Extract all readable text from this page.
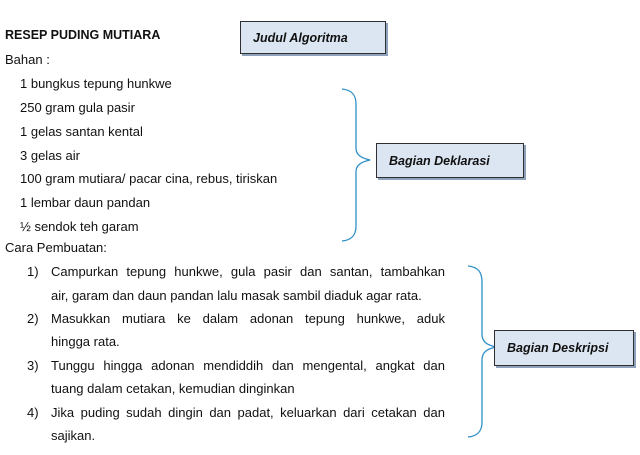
RESEP PUDING MUTIARA
Bahan :
1 bungkus tepung hunkwe
250 gram gula pasir
1 gelas santan kental
3 gelas air
100 gram mutiara/ pacar cina, rebus, tiriskan
1 lembar daun pandan
½ sendok teh garam
Cara Pembuatan:
1) Campurkan tepung hunkwe, gula pasir dan santan, tambahkan
air, garam dan daun pandan lalu masak sambil diaduk agar rata.
2) Masukkan mutiara ke dalam adonan tepung hunkwe, aduk
hingga rata.
3) Tunggu hingga adonan mendiddih dan mengental, angkat dan
tuang dalam cetakan, kemudian dinginkan
4) Jika puding sudah dingin dan padat, keluarkan dari cetakan dan
sajikan.
Judul Algoritma
Bagian Deklarasi
Bagian Deskripsi
